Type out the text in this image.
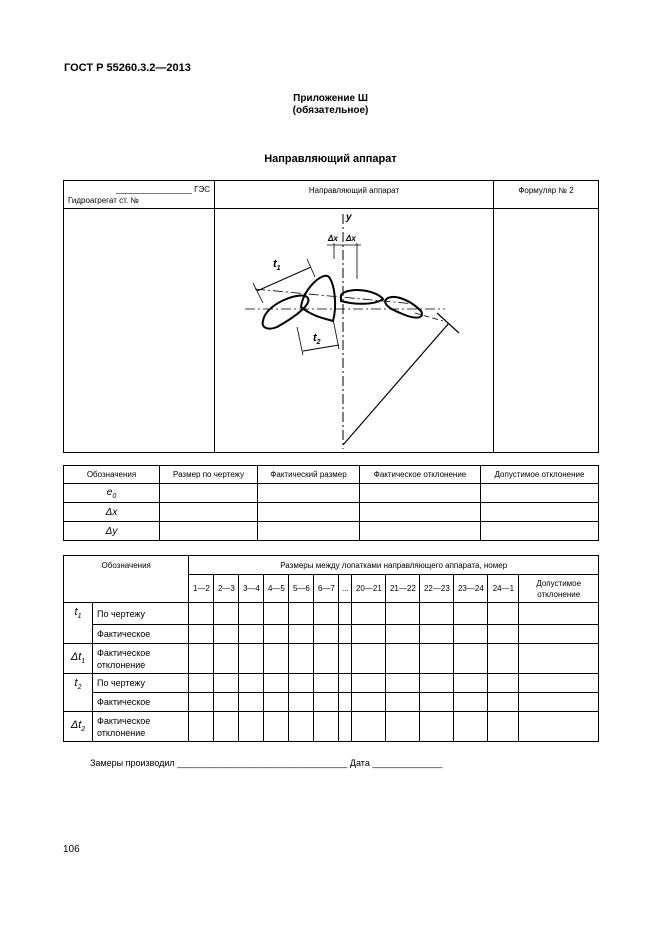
ГОСТ Р 55260.3.2—2013
Приложение Ш
(обязательное)
Направляющий аппарат
_________________ ГЭС
Гидроагрегат ст. №	Направляющий аппарат	Формуляр № 2

y
Δx Δx
$t_1$
$t_2$

Обозначения	Размер по чертежу	Фактический размер	Фактическое отклонение	Допустимое отклонение
$e_0$				
Δx				
Δy				
Обозначения		Размеры между лопатками направляющего аппарата, номер												
		1—2	2—3	3—4	4—5	5—6	6—7	...	20—21	21—22	22—23	23—24	24—1	Допустимое отклонение
$t_1$	По чертежу													
	Фактическое													
$\Delta t_1$	Фактическое отклонение													
$t_2$	По чертежу													
	Фактическое													
$\Delta t_2$	Фактическое отклонение													
Замеры производил __________________________________ Дата ______________
106
